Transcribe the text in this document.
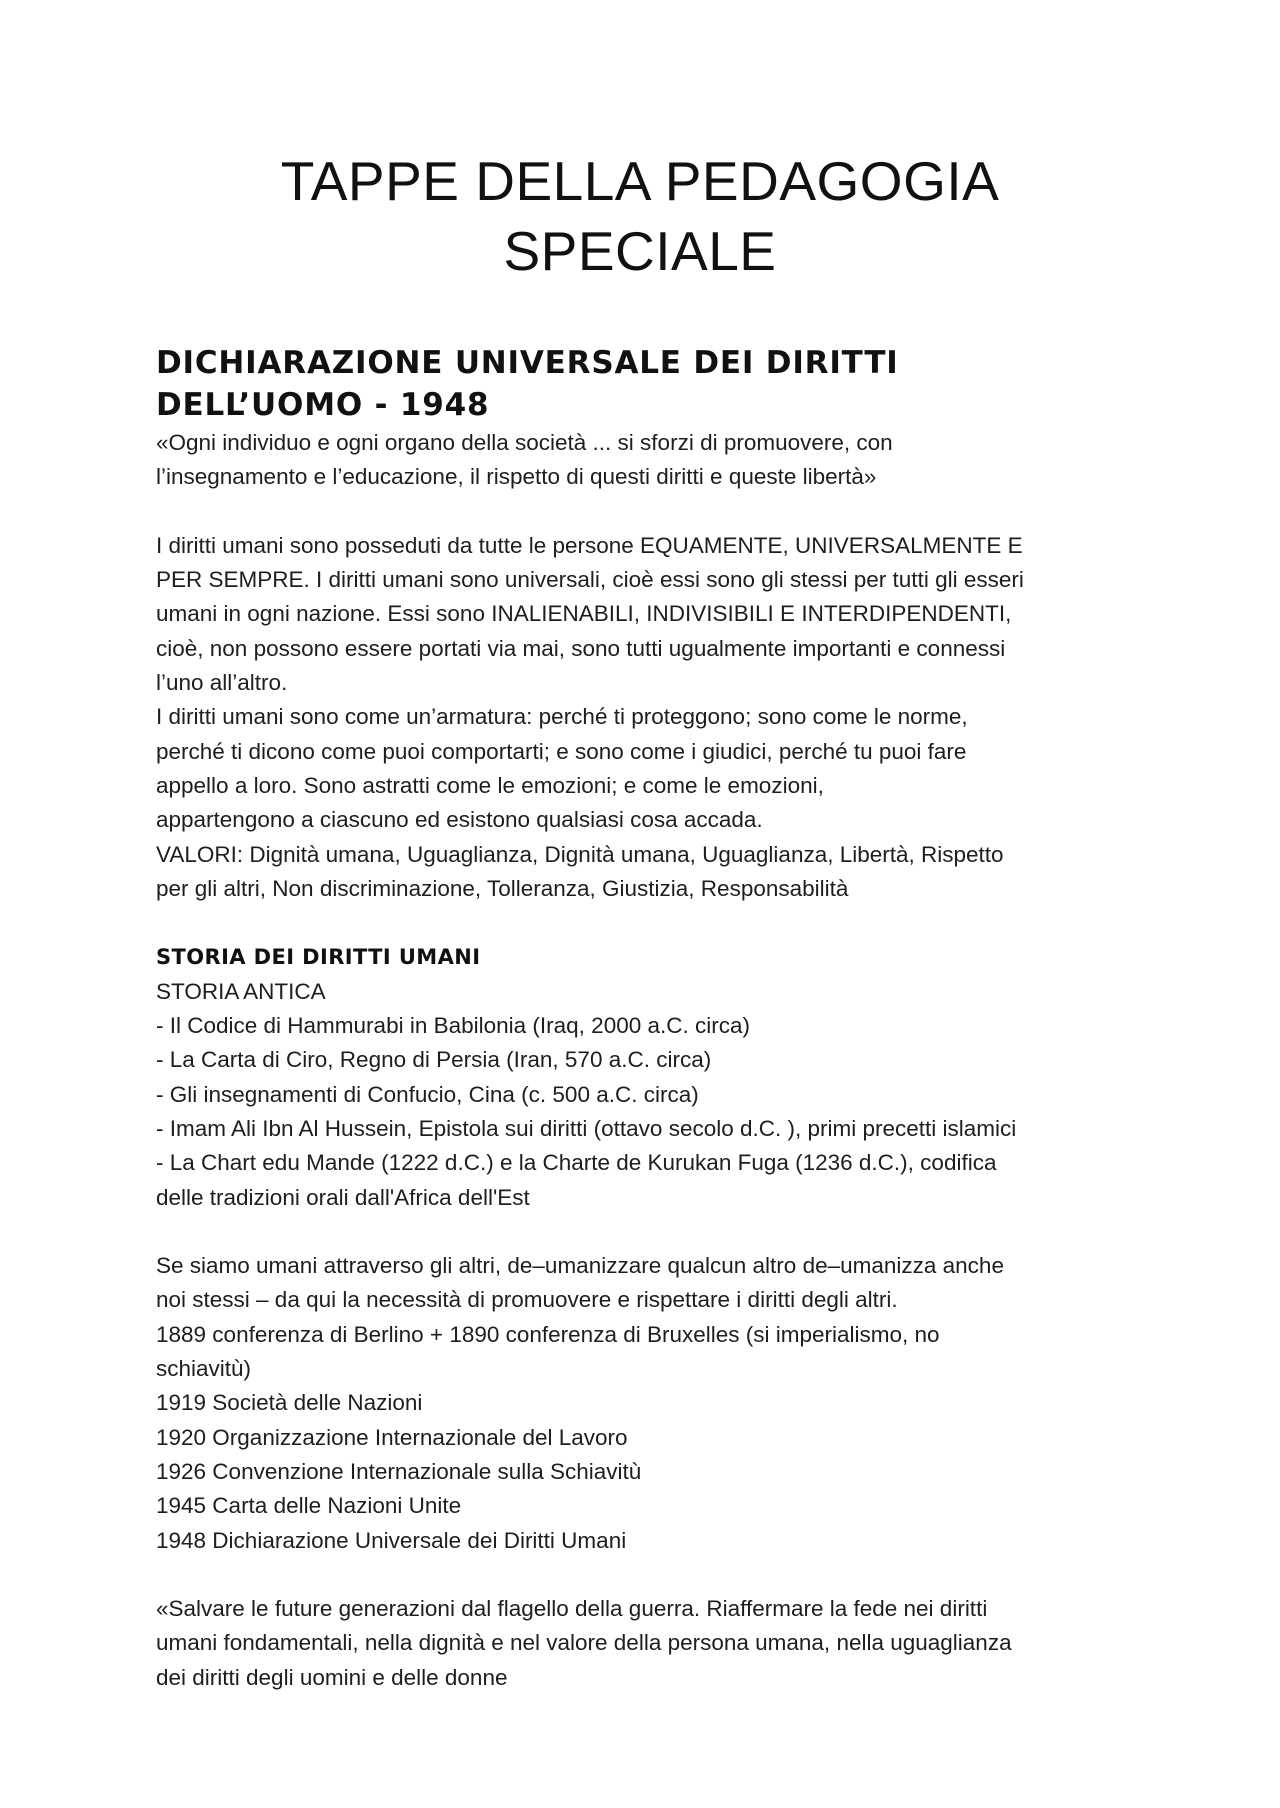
TAPPE DELLA PEDAGOGIA SPECIALE
DICHIARAZIONE UNIVERSALE DEI DIRITTI
DELL’UOMO - 1948
«Ogni individuo e ogni organo della società ... si sforzi di promuovere, con
l’insegnamento e l’educazione, il rispetto di questi diritti e queste libertà»
I diritti umani sono posseduti da tutte le persone EQUAMENTE, UNIVERSALMENTE E
PER SEMPRE. I diritti umani sono universali, cioè essi sono gli stessi per tutti gli esseri
umani in ogni nazione. Essi sono INALIENABILI, INDIVISIBILI E INTERDIPENDENTI,
cioè, non possono essere portati via mai, sono tutti ugualmente importanti e connessi
l’uno all’altro.
I diritti umani sono come un’armatura: perché ti proteggono; sono come le norme,
perché ti dicono come puoi comportarti; e sono come i giudici, perché tu puoi fare
appello a loro. Sono astratti come le emozioni; e come le emozioni,
appartengono a ciascuno ed esistono qualsiasi cosa accada.
VALORI: Dignità umana, Uguaglianza, Dignità umana, Uguaglianza, Libertà, Rispetto
per gli altri, Non discriminazione, Tolleranza, Giustizia, Responsabilità
STORIA DEI DIRITTI UMANI
STORIA ANTICA
- Il Codice di Hammurabi in Babilonia (Iraq, 2000 a.C. circa)
- La Carta di Ciro, Regno di Persia (Iran, 570 a.C. circa)
- Gli insegnamenti di Confucio, Cina (c. 500 a.C. circa)
- Imam Ali Ibn Al Hussein, Epistola sui diritti (ottavo secolo d.C. ), primi precetti islamici
- La Chart edu Mande (1222 d.C.) e la Charte de Kurukan Fuga (1236 d.C.), codifica
delle tradizioni orali dall'Africa dell'Est
Se siamo umani attraverso gli altri, de–umanizzare qualcun altro de–umanizza anche
noi stessi – da qui la necessità di promuovere e rispettare i diritti degli altri.
1889 conferenza di Berlino + 1890 conferenza di Bruxelles (si imperialismo, no
schiavitù)
1919 Società delle Nazioni
1920 Organizzazione Internazionale del Lavoro
1926 Convenzione Internazionale sulla Schiavitù
1945 Carta delle Nazioni Unite
1948 Dichiarazione Universale dei Diritti Umani
«Salvare le future generazioni dal flagello della guerra. Riaffermare la fede nei diritti
umani fondamentali, nella dignità e nel valore della persona umana, nella uguaglianza
dei diritti degli uomini e delle donne
